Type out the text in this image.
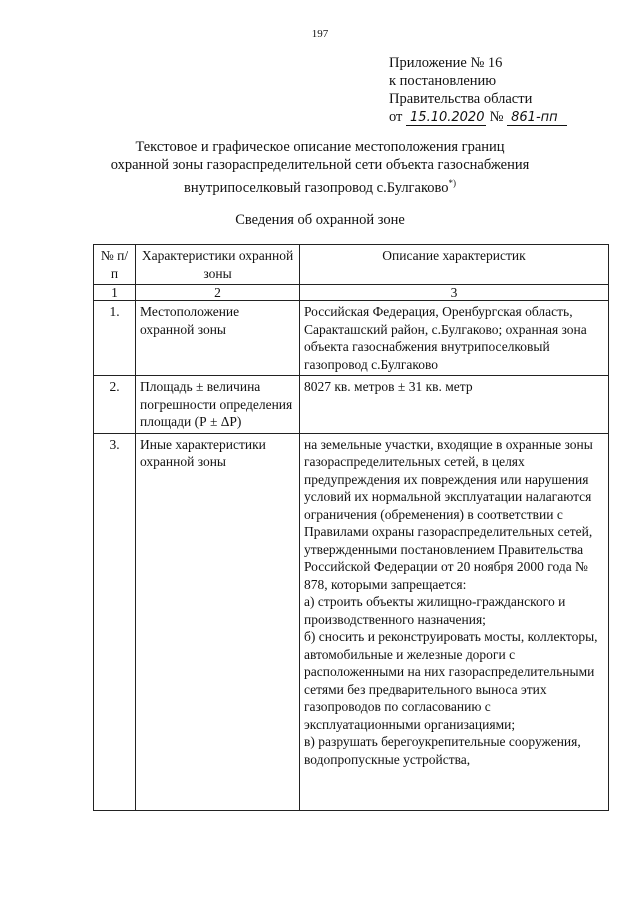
197
Приложение № 16
к постановлению
Правительства области
от 15.10.2020 № 861-пп
Текстовое и графическое описание местоположения границ
охранной зоны газораспределительной сети объекта газоснабжения
внутрипоселковый газопровод с.Булгаково*)
Сведения об охранной зоне
№ п/п	Характеристики охранной зоны	Описание характеристик
1	2	3
1.	Местоположение охранной зоны	Российская Федерация, Оренбургская область, Саракташский район, с.Булгаково; охранная зона объекта газоснабжения внутрипоселковый газопровод с.Булгаково
2.	Площадь ± величина погрешности определения площади (Р ± ΔР)	8027 кв. метров ± 31 кв. метр
3.	Иные характеристики охранной зоны	на земельные участки, входящие в охранные зоны газораспределительных сетей, в целях предупреждения их повреждения или нарушения условий их нормальной эксплуатации налагаются ограничения (обременения) в соответствии с Правилами охраны газораспределительных сетей, утвержденными постановлением Правительства Российской Федерации от 20 ноября 2000 года № 878, которыми запрещается:
а) строить объекты жилищно-гражданского и производственного назначения;
б) сносить и реконструировать мосты, коллекторы, автомобильные и железные дороги с расположенными на них газораспределительными сетями без предварительного выноса этих газопроводов по согласованию с эксплуатационными организациями;
в) разрушать берегоукрепительные сооружения, водопропускные устройства,
